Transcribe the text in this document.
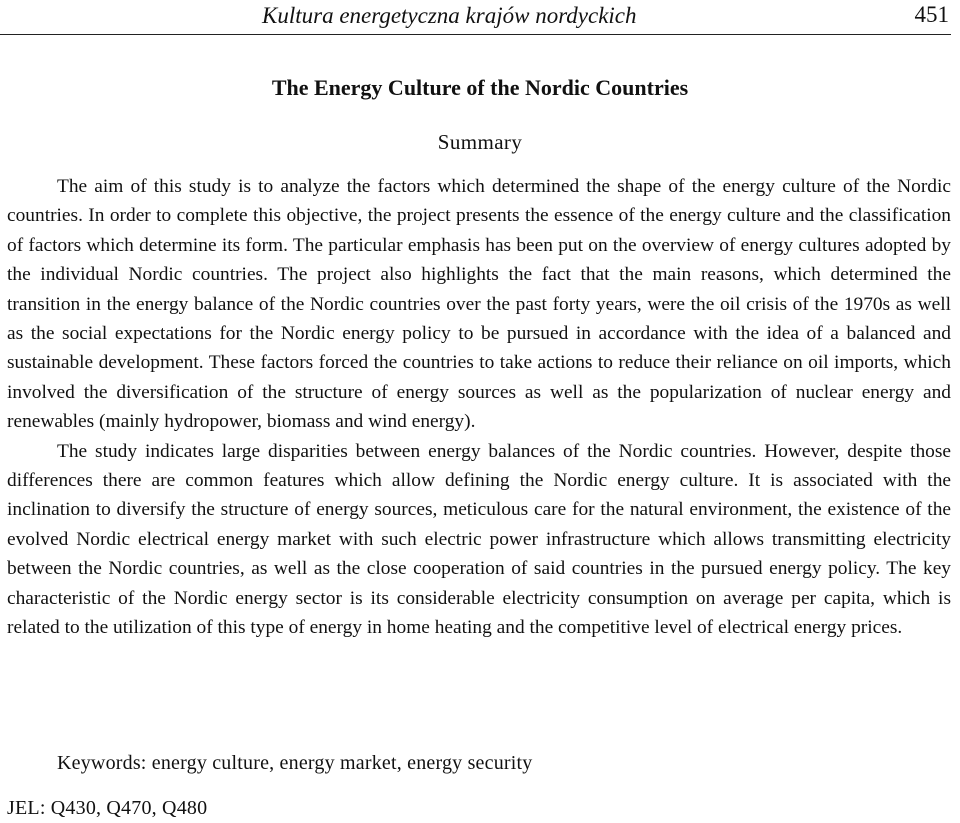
Kultura energetyczna krajów nordyckich	451
The Energy Culture of the Nordic Countries
Summary

The aim of this study is to analyze the factors which determined the shape of the energy culture of the Nordic countries. In order to complete this objective, the project presents the essence of the energy culture and the classification of factors which determine its form. The particular emphasis has been put on the overview of energy cultures adopted by the individual Nordic countries. The project also highlights the fact that the main reasons, which determined the transition in the energy balance of the Nordic countries over the past forty years, were the oil crisis of the 1970s as well as the social expectations for the Nordic energy policy to be pursued in accordance with the idea of a balanced and sustainable development. These factors forced the countries to take actions to reduce their reliance on oil imports, which involved the diversification of the structure of energy sources as well as the popularization of nuclear energy and renewables (mainly hydropower, biomass and wind energy).

The study indicates large disparities between energy balances of the Nordic countries. However, despite those differences there are common features which allow defining the Nordic energy culture. It is associated with the inclination to diversify the structure of energy sources, meticulous care for the natural environment, the existence of the evolved Nordic electrical energy market with such electric power infrastructure which allows transmitting electricity between the Nordic countries, as well as the close cooperation of said countries in the pursued energy policy. The key characteristic of the Nordic energy sector is its considerable electricity consumption on average per capita, which is related to the utilization of this type of energy in home heating and the competitive level of electrical energy prices.

Keywords: energy culture, energy market, energy security
JEL: Q430, Q470, Q480
